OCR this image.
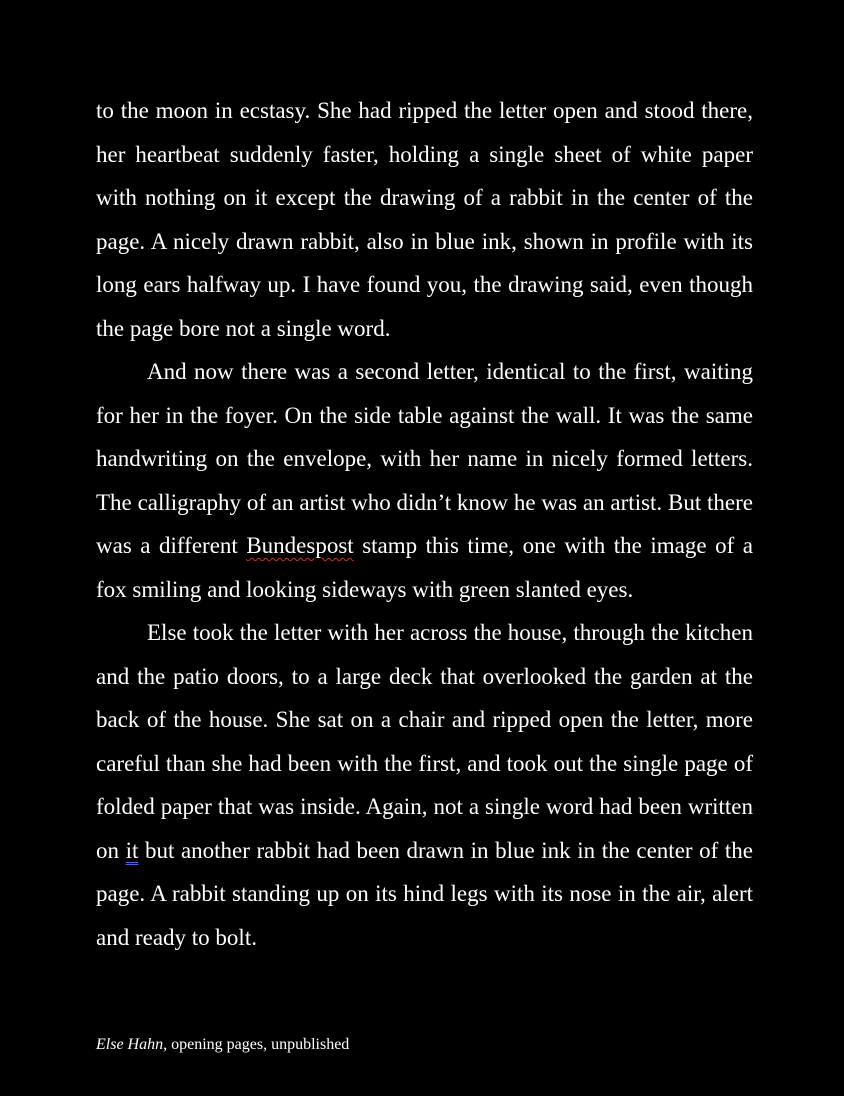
to the moon in ecstasy. She had ripped the letter open and stood there, her heartbeat suddenly faster, holding a single sheet of white paper with nothing on it except the drawing of a rabbit in the center of the page. A nicely drawn rabbit, also in blue ink, shown in profile with its long ears halfway up. I have found you, the drawing said, even though the page bore not a single word.

And now there was a second letter, identical to the first, waiting for her in the foyer. On the side table against the wall. It was the same handwriting on the envelope, with her name in nicely formed letters. The calligraphy of an artist who didn’t know he was an artist. But there was a different Bundespost stamp this time, one with the image of a fox smiling and looking sideways with green slanted eyes.

Else took the letter with her across the house, through the kitchen and the patio doors, to a large deck that overlooked the garden at the back of the house. She sat on a chair and ripped open the letter, more careful than she had been with the first, and took out the single page of folded paper that was inside. Again, not a single word had been written on it but another rabbit had been drawn in blue ink in the center of the page. A rabbit standing up on its hind legs with its nose in the air, alert and ready to bolt.

Else Hahn, opening pages, unpublished
